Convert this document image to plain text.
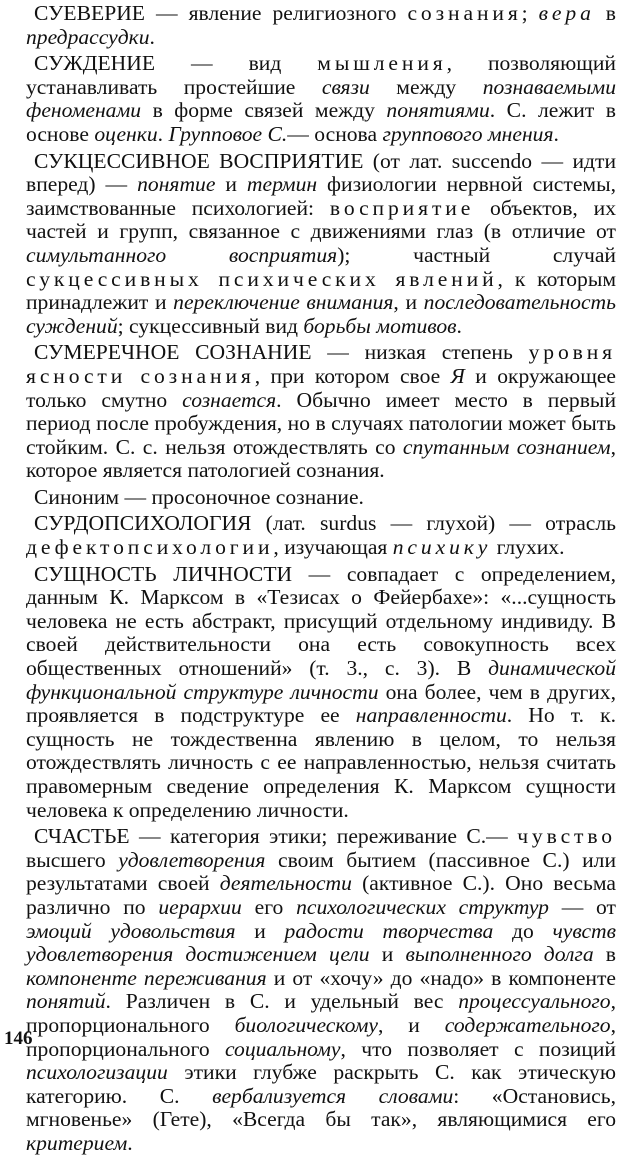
СУЕВЕРИЕ — явление религиозного сознания; вера в предрассудки.

СУЖДЕНИЕ — вид мышления, позволяющий устанавливать простейшие связи между познаваемыми феноменами в форме связей между понятиями. С. лежит в основе оценки. Групповое С.— основа группового мнения.

СУКЦЕССИВНОЕ ВОСПРИЯТИЕ (от лат. succendo — идти вперед) — понятие и термин физиологии нервной системы, заимствованные психологией: восприятие объектов, их частей и групп, связанное с движениями глаз (в отличие от симультанного восприятия); частный случай сукцессивных психических явлений, к которым принадлежит и переключение внимания, и последовательность суждений; сукцессивный вид борьбы мотивов.

СУМЕРЕЧНОЕ СОЗНАНИЕ — низкая степень уровня ясности сознания, при котором свое Я и окружающее только смутно сознается. Обычно имеет место в первый период после пробуждения, но в случаях патологии может быть стойким. С. с. нельзя отождествлять со спутанным сознанием, которое является патологией сознания.

Синоним — просоночное сознание.

СУРДОПСИХОЛОГИЯ (лат. surdus — глухой) — отрасль дефектопсихологии, изучающая психику глухих.

СУЩНОСТЬ ЛИЧНОСТИ — совпадает с определением, данным К. Марксом в «Тезисах о Фейербахе»: «...сущность человека не есть абстракт, присущий отдельному индивиду. В своей действительности она есть совокупность всех общественных отношений» (т. 3., с. 3). В динамической функциональной структуре личности она более, чем в других, проявляется в подструктуре ее направленности. Но т. к. сущность не тождественна явлению в целом, то нельзя отождествлять личность с ее направленностью, нельзя считать правомерным сведение определения К. Марксом сущности человека к определению личности.

СЧАСТЬЕ — категория этики; переживание С.— чувство высшего удовлетворения своим бытием (пассивное С.) или результатами своей деятельности (активное С.). Оно весьма различно по иерархии его психологических структур — от эмоций удовольствия и радости творчества до чувств удовлетворения достижением цели и выполненного долга в компоненте переживания и от «хочу» до «надо» в компоненте понятий. Различен в С. и удельный вес процессуального, пропорционального биологическому, и содержательного, пропорционального социальному, что позволяет с позиций психологизации этики глубже раскрыть С. как этическую категорию. С. вербализуется словами: «Остановись, мгновенье» (Гете), «Всегда бы так», являющимися его критерием.

146
